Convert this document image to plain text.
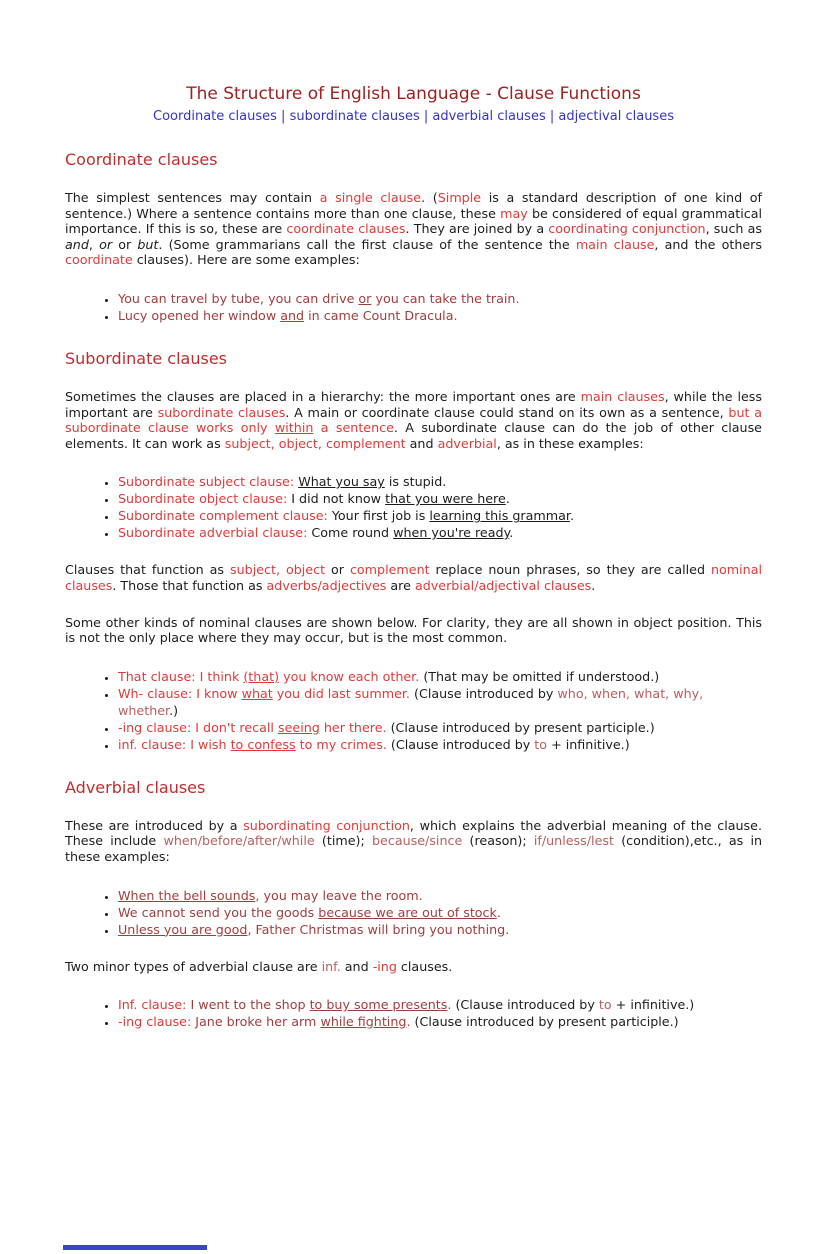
The Structure of English Language - Clause Functions
Coordinate clauses | subordinate clauses | adverbial clauses | adjectival clauses
Coordinate clauses

The simplest sentences may contain a single clause. (Simple is a standard description of one kind of sentence.) Where a sentence contains more than one clause, these may be considered of equal grammatical importance. If this is so, these are coordinate clauses. They are joined by a coordinating conjunction, such as and, or or but. (Some grammarians call the first clause of the sentence the main clause, and the others coordinate clauses). Here are some examples:

• You can travel by tube, you can drive or you can take the train.
• Lucy opened her window and in came Count Dracula.
Subordinate clauses

Sometimes the clauses are placed in a hierarchy: the more important ones are main clauses, while the less important are subordinate clauses. A main or coordinate clause could stand on its own as a sentence, but a subordinate clause works only within a sentence. A subordinate clause can do the job of other clause elements. It can work as subject, object, complement and adverbial, as in these examples:

• Subordinate subject clause: What you say is stupid.
• Subordinate object clause: I did not know that you were here.
• Subordinate complement clause: Your first job is learning this grammar.
• Subordinate adverbial clause: Come round when you're ready.

Clauses that function as subject, object or complement replace noun phrases, so they are called nominal clauses. Those that function as adverbs/adjectives are adverbial/adjectival clauses.

Some other kinds of nominal clauses are shown below. For clarity, they are all shown in object position. This is not the only place where they may occur, but is the most common.

• That clause: I think (that) you know each other. (That may be omitted if understood.)
• Wh- clause: I know what you did last summer. (Clause introduced by who, when, what, why, whether.)
• -ing clause: I don't recall seeing her there. (Clause introduced by present participle.)
• inf. clause: I wish to confess to my crimes. (Clause introduced by to + infinitive.)
Adverbial clauses

These are introduced by a subordinating conjunction, which explains the adverbial meaning of the clause. These include when/before/after/while (time); because/since (reason); if/unless/lest (condition),etc., as in these examples:

• When the bell sounds, you may leave the room.
• We cannot send you the goods because we are out of stock.
• Unless you are good, Father Christmas will bring you nothing.

Two minor types of adverbial clause are inf. and -ing clauses.

• Inf. clause: I went to the shop to buy some presents. (Clause introduced by to + infinitive.)
• -ing clause: Jane broke her arm while fighting. (Clause introduced by present participle.)
